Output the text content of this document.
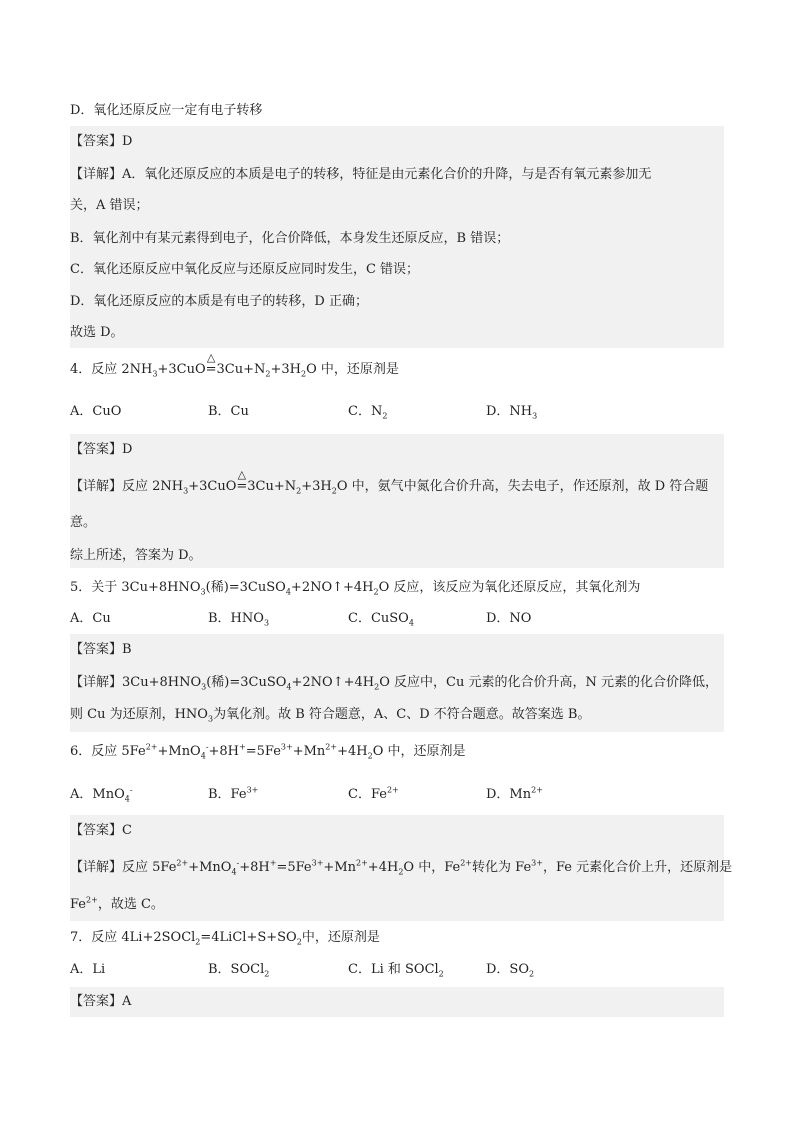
D．氧化还原反应一定有电子转移
【答案】D
【详解】A．氧化还原反应的本质是电子的转移，特征是由元素化合价的升降，与是否有氧元素参加无
关，A 错误；
B．氧化剂中有某元素得到电子，化合价降低，本身发生还原反应，B 错误；
C．氧化还原反应中氧化反应与还原反应同时发生，C 错误；
D．氧化还原反应的本质是有电子的转移，D 正确；
故选 D。
4．反应 $2NH_3+3CuO$
△
$=3Cu+N_2+3H_2O$ 中，还原剂是
A．CuO	B．Cu	C．$N_2$	D．$NH_3$
【答案】D
【详解】反应 $2NH_3+3CuO$
△
$=3Cu+N_2+3H_2O$ 中，氨气中氮化合价升高，失去电子，作还原剂，故 D 符合题
意。
综上所述，答案为 D。
5．关于 $3Cu+8HNO_3$(稀)$=3CuSO_4+2NO↑+4H_2O$ 反应，该反应为氧化还原反应，其氧化剂为
A．Cu	B．$HNO_3$	C．CuSO$_4$	D．NO
【答案】B
【详解】$3Cu+8HNO_3$(稀)$=3CuSO_4+2NO↑+4H_2O$ 反应中，Cu 元素的化合价升高，N 元素的化合价降低，
则 Cu 为还原剂，$HNO_3$为氧化剂。故 B 符合题意，A、C、D 不符合题意。故答案选 B。
6．反应 $5Fe^{2+}+MnO_4^-+8H^+=5Fe^{3+}+Mn^{2+}+4H_2O$ 中，还原剂是
A．MnO$_4$-	B．$Fe^{3+}$	C．$Fe^{2+}$	D．$Mn^{2+}$
【答案】C
【详解】反应 $5Fe^{2+}+MnO_4^-+8H^+=5Fe^{3+}+Mn^{2+}+4H_2O$ 中，$Fe^{2+}$转化为 $Fe^{3+}$，Fe 元素化合价上升，还原剂是
$Fe^{2+}$，故选 C。
7．反应 $4Li+2SOCl_2=4LiCl+S+SO_2$中，还原剂是
A．Li	B．SOCl$_2$	C．Li 和 SOCl$_2$	D．$SO_2$
【答案】A
